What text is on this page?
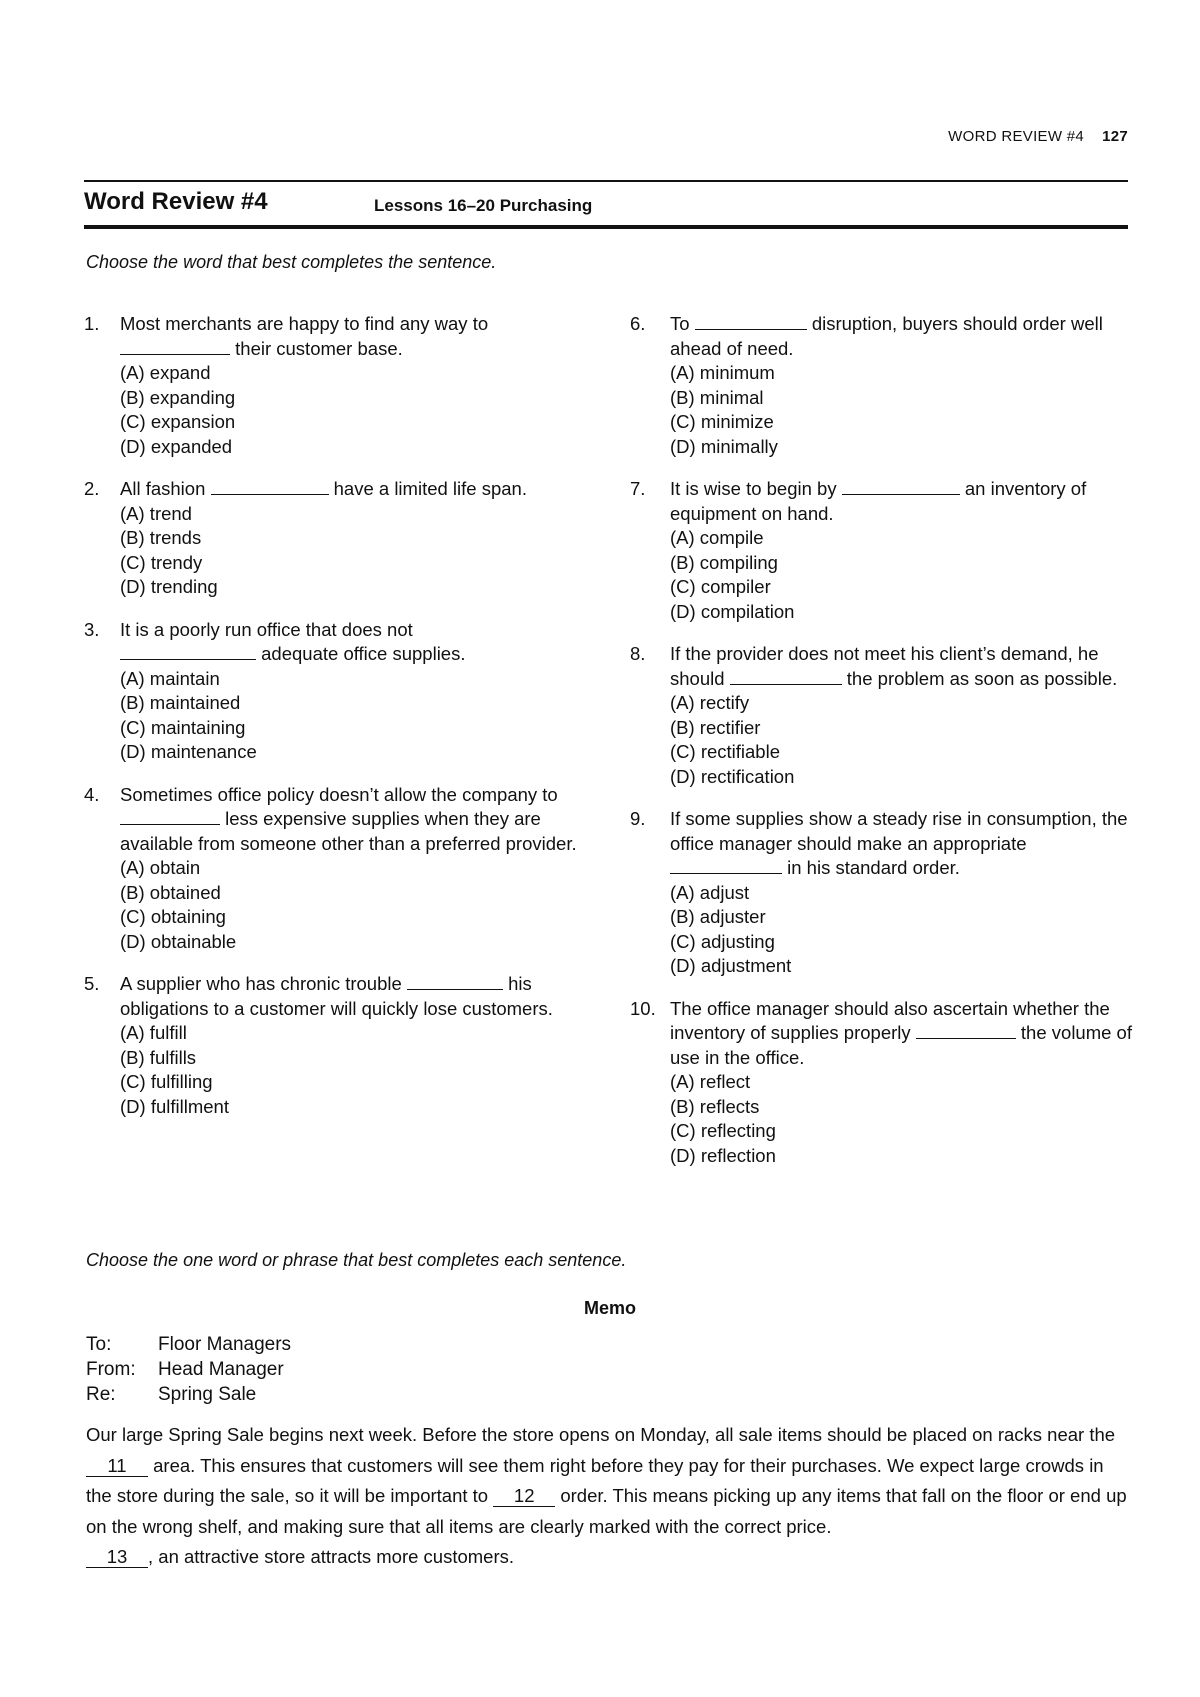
WORD REVIEW #4 127
Word Review #4	Lessons 16–20 Purchasing
Choose the word that best completes the sentence.
1.	Most merchants are happy to find any way to
their customer base.
(A) expand
(B) expanding
(C) expansion
(D) expanded
2.	All fashion	have a limited life span.
(A) trend
(B) trends
(C) trendy
(D) trending
3.	It is a poorly run office that does not
adequate office supplies.
(A) maintain
(B) maintained
(C) maintaining
(D) maintenance
4.	Sometimes office policy doesn’t allow the company to  less expensive supplies when they are available from someone other than a preferred provider.
(A) obtain
(B) obtained
(C) obtaining
(D) obtainable
5.	A supplier who has chronic trouble	his obligations to a customer will quickly lose customers.
(A) fulfill
(B) fulfills
(C) fulfilling
(D) fulfillment
6.	To	disruption, buyers should order well ahead of need.
(A) minimum
(B) minimal
(C) minimize
(D) minimally
7.	It is wise to begin by	an inventory of equipment on hand.
(A) compile
(B) compiling
(C) compiler
(D) compilation
8.	If the provider does not meet his client’s demand, he should	the problem as soon as possible.
(A) rectify
(B) rectifier
(C) rectifiable
(D) rectification
9.	If some supplies show a steady rise in consumption, the office manager should make an appropriate  in his standard order.
(A) adjust
(B) adjuster
(C) adjusting
(D) adjustment
10. The office manager should also ascertain whether the inventory of supplies properly	the volume of use in the office.
(A) reflect
(B) reflects
(C) reflecting
(D) reflection
Choose the one word or phrase that best completes each sentence.
Memo
To: Floor Managers
From: Head Manager
Re: Spring Sale
Our large Spring Sale begins next week. Before the store opens on Monday, all sale items should be placed on racks near the 11 area. This ensures that customers will see them right before they pay for their purchases. We expect large crowds in the store during the sale, so it will be important to 12 order. This means picking up any items that fall on the floor or end up on the wrong shelf, and making sure that all items are clearly marked with the correct price.
13 , an attractive store attracts more customers.
